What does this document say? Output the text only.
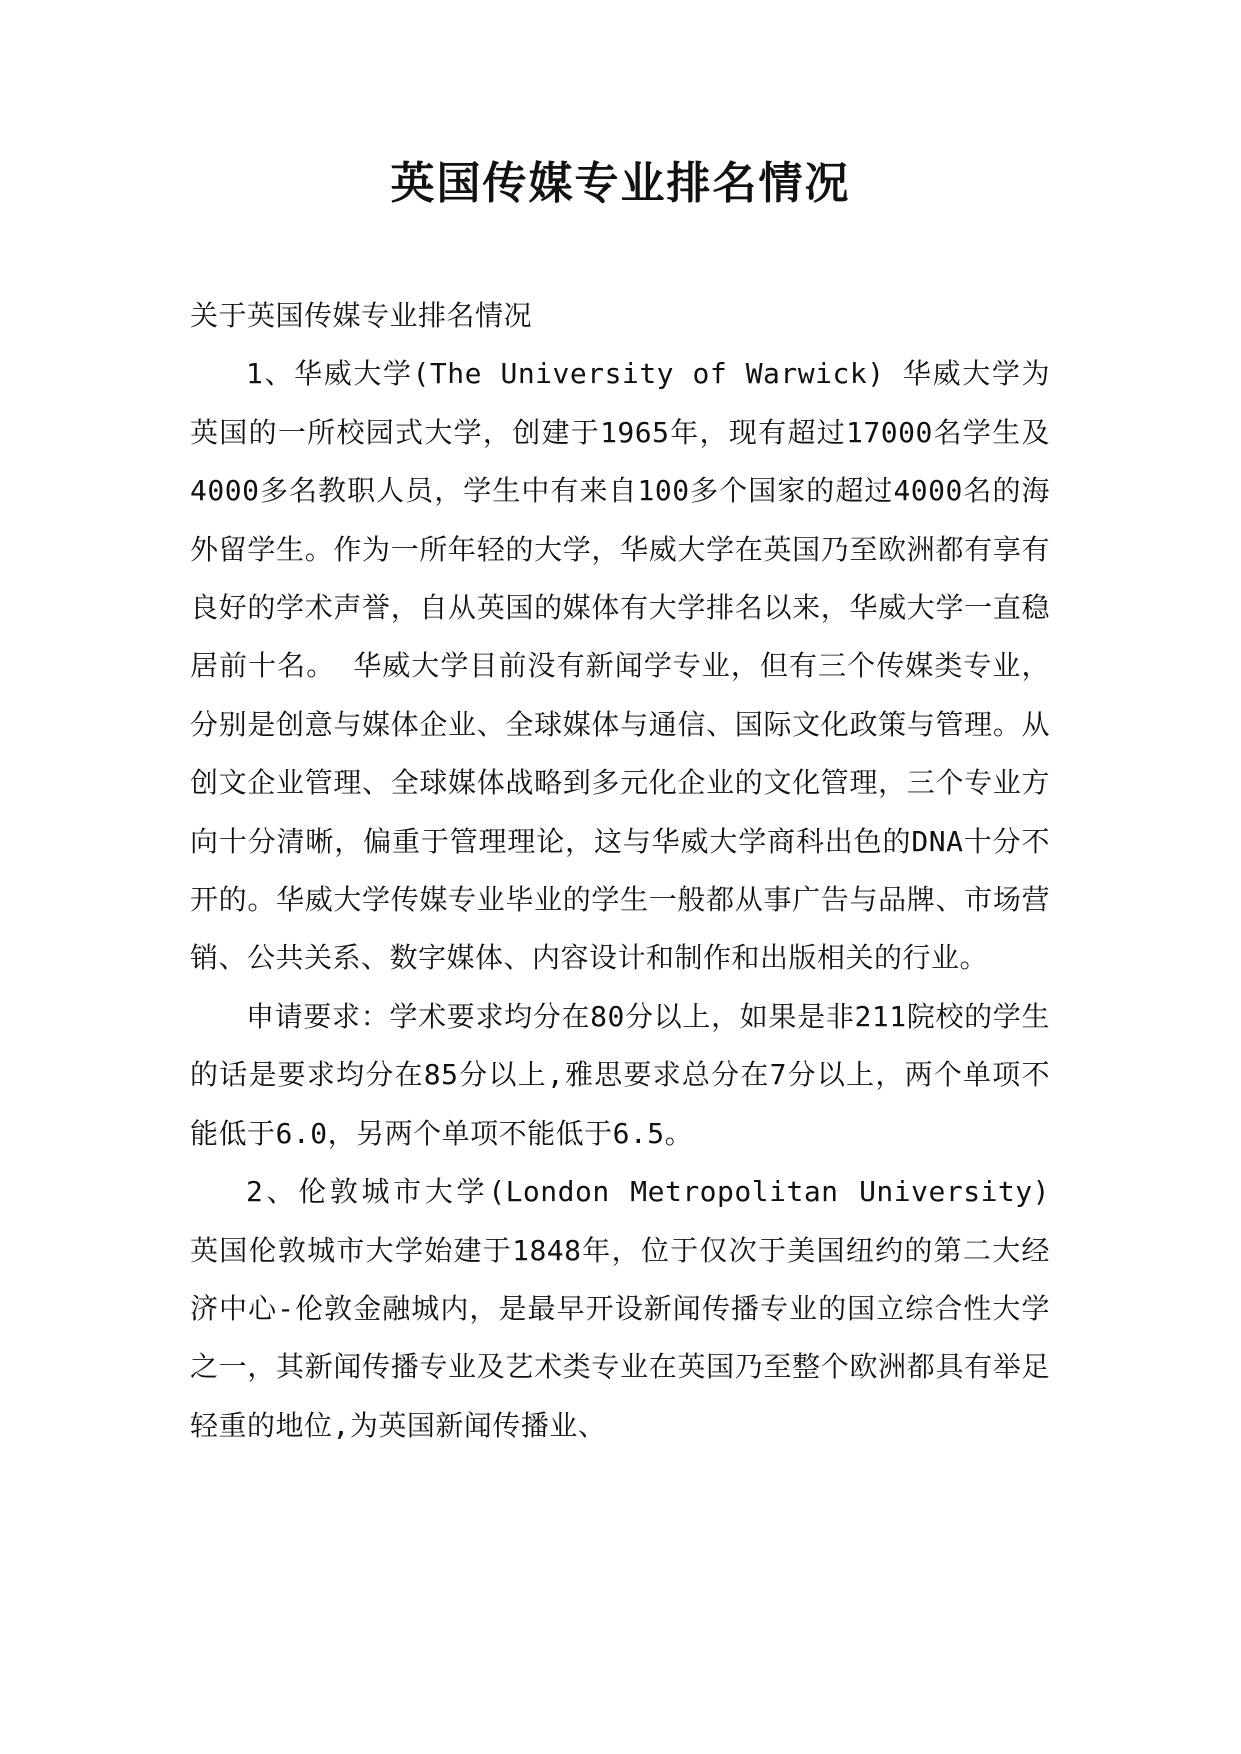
英国传媒专业排名情况

关于英国传媒专业排名情况

1、华威大学(The University of Warwick) 华威大学为英国的一所校园式大学，创建于1965年，现有超过17000名学生及4000多名教职人员，学生中有来自100多个国家的超过4000名的海外留学生。作为一所年轻的大学，华威大学在英国乃至欧洲都有享有良好的学术声誉，自从英国的媒体有大学排名以来，华威大学一直稳居前十名。 华威大学目前没有新闻学专业，但有三个传媒类专业，分别是创意与媒体企业、全球媒体与通信、国际文化政策与管理。从创文企业管理、全球媒体战略到多元化企业的文化管理，三个专业方向十分清晰，偏重于管理理论，这与华威大学商科出色的DNA十分不开的。华威大学传媒专业毕业的学生一般都从事广告与品牌、市场营销、公共关系、数字媒体、内容设计和制作和出版相关的行业。

申请要求：学术要求均分在80分以上，如果是非211院校的学生的话是要求均分在85分以上,雅思要求总分在7分以上，两个单项不能低于6.0，另两个单项不能低于6.5。

2、伦敦城市大学(London Metropolitan University) 英国伦敦城市大学始建于1848年，位于仅次于美国纽约的第二大经济中心-伦敦金融城内，是最早开设新闻传播专业的国立综合性大学之一，其新闻传播专业及艺术类专业在英国乃至整个欧洲都具有举足轻重的地位,为英国新闻传播业、
